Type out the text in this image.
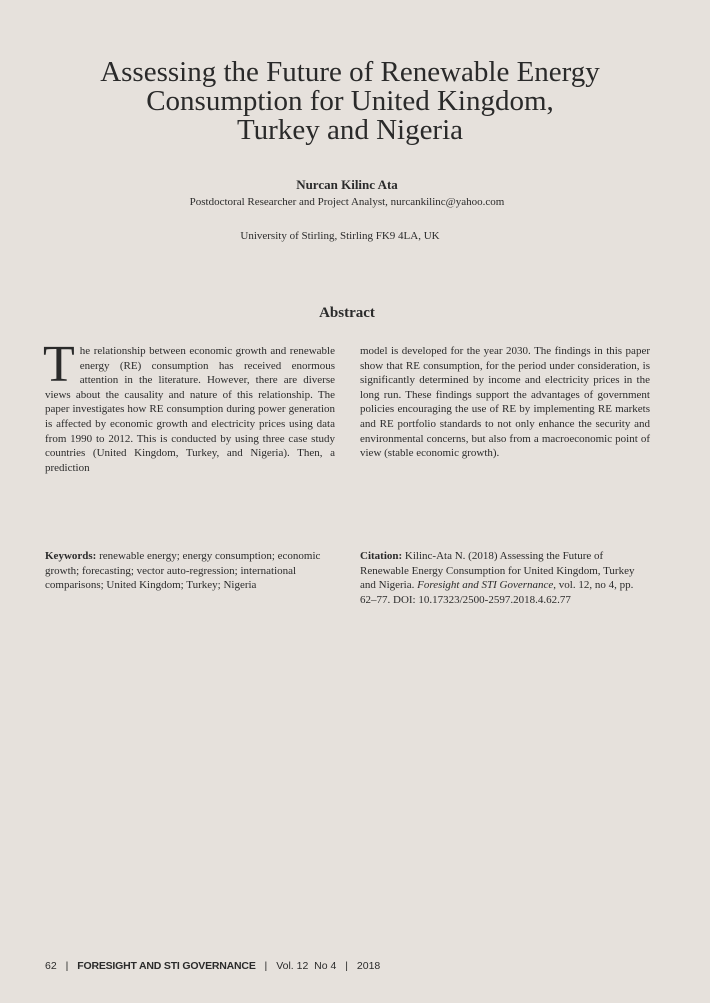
Assessing the Future of Renewable Energy
Consumption for United Kingdom,
Turkey and Nigeria
Nurcan Kilinc Ata
Postdoctoral Researcher and Project Analyst, nurcankilinc@yahoo.com
University of Stirling, Stirling FK9 4LA, UK
Abstract
The relationship between economic growth and renewable energy (RE) consumption has received enormous attention in the literature. However, there are diverse views about the causality and nature of this relationship. The paper investigates how RE consumption during power generation is affected by economic growth and electricity prices using data from 1990 to 2012. This is conducted by using three case study countries (United Kingdom, Turkey, and Nigeria). Then, a prediction
model is developed for the year 2030. The findings in this paper show that RE consumption, for the period under consideration, is significantly determined by income and electricity prices in the long run. These findings support the advantages of government policies encouraging the use of RE by implementing RE markets and RE portfolio standards to not only enhance the security and environmental concerns, but also from a macroeconomic point of view (stable economic growth).
Keywords: renewable energy; energy consumption; economic growth; forecasting; vector auto-regression; international comparisons; United Kingdom; Turkey; Nigeria
Citation: Kilinc-Ata N. (2018) Assessing the Future of Renewable Energy Consumption for United Kingdom, Turkey and Nigeria. Foresight and STI Governance, vol. 12, no 4, pp. 62–77. DOI: 10.17323/2500-2597.2018.4.62.77
62 | FORESIGHT AND STI GOVERNANCE | Vol. 12  No 4 | 2018
